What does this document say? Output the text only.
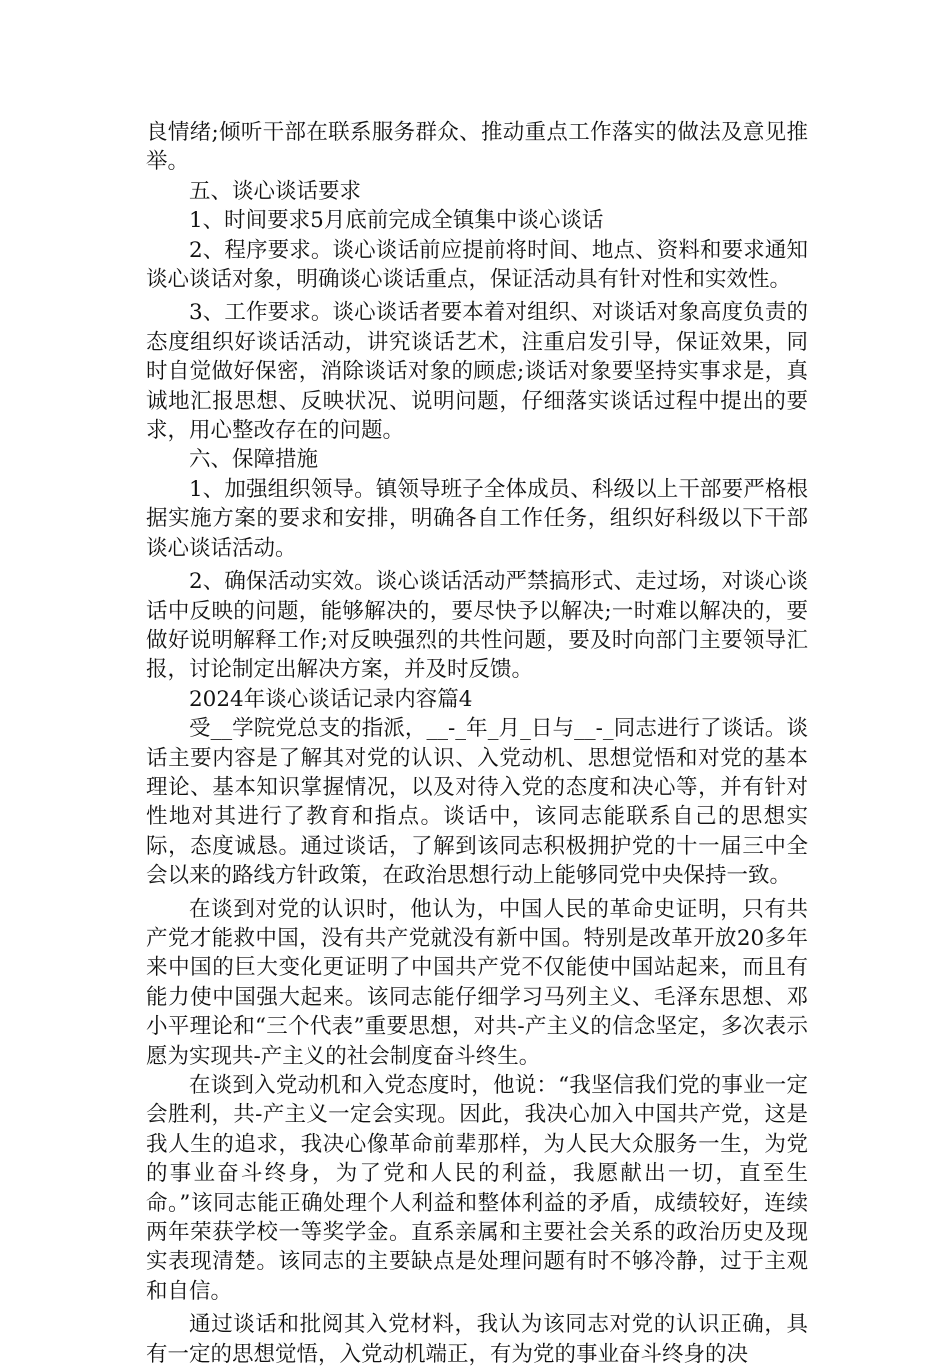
良情绪;倾听干部在联系服务群众、推动重点工作落实的做法及意见推举。

五、谈心谈话要求

1、时间要求5月底前完成全镇集中谈心谈话

2、程序要求。谈心谈话前应提前将时间、地点、资料和要求通知谈心谈话对象，明确谈心谈话重点，保证活动具有针对性和实效性。

3、工作要求。谈心谈话者要本着对组织、对谈话对象高度负责的态度组织好谈话活动，讲究谈话艺术，注重启发引导，保证效果，同时自觉做好保密，消除谈话对象的顾虑;谈话对象要坚持实事求是，真诚地汇报思想、反映状况、说明问题，仔细落实谈话过程中提出的要求，用心整改存在的问题。

六、保障措施

1、加强组织领导。镇领导班子全体成员、科级以上干部要严格根据实施方案的要求和安排，明确各自工作任务，组织好科级以下干部谈心谈话活动。

2、确保活动实效。谈心谈话活动严禁搞形式、走过场，对谈心谈话中反映的问题，能够解决的，要尽快予以解决;一时难以解决的，要做好说明解释工作;对反映强烈的共性问题，要及时向部门主要领导汇报，讨论制定出解决方案，并及时反馈。

2024年谈心谈话记录内容篇4

受__学院党总支的指派，__-_年_月_日与__-_同志进行了谈话。谈话主要内容是了解其对党的认识、入党动机、思想觉悟和对党的基本理论、基本知识掌握情况，以及对待入党的态度和决心等，并有针对性地对其进行了教育和指点。谈话中，该同志能联系自己的思想实际，态度诚恳。通过谈话，了解到该同志积极拥护党的十一届三中全会以来的路线方针政策，在政治思想行动上能够同党中央保持一致。

在谈到对党的认识时，他认为，中国人民的革命史证明，只有共产党才能救中国，没有共产党就没有新中国。特别是改革开放20多年来中国的巨大变化更证明了中国共产党不仅能使中国站起来，而且有能力使中国强大起来。该同志能仔细学习马列主义、毛泽东思想、邓小平理论和“三个代表”重要思想，对共-产主义的信念坚定，多次表示愿为实现共-产主义的社会制度奋斗终生。

在谈到入党动机和入党态度时，他说：“我坚信我们党的事业一定会胜利，共-产主义一定会实现。因此，我决心加入中国共产党，这是我人生的追求，我决心像革命前辈那样，为人民大众服务一生，为党的事业奋斗终身，为了党和人民的利益，我愿献出一切，直至生命。”该同志能正确处理个人利益和整体利益的矛盾，成绩较好，连续两年荣获学校一等奖学金。直系亲属和主要社会关系的政治历史及现实表现清楚。该同志的主要缺点是处理问题有时不够冷静，过于主观和自信。

通过谈话和批阅其入党材料，我认为该同志对党的认识正确，具有一定的思想觉悟，入党动机端正，有为党的事业奋斗终身的决
